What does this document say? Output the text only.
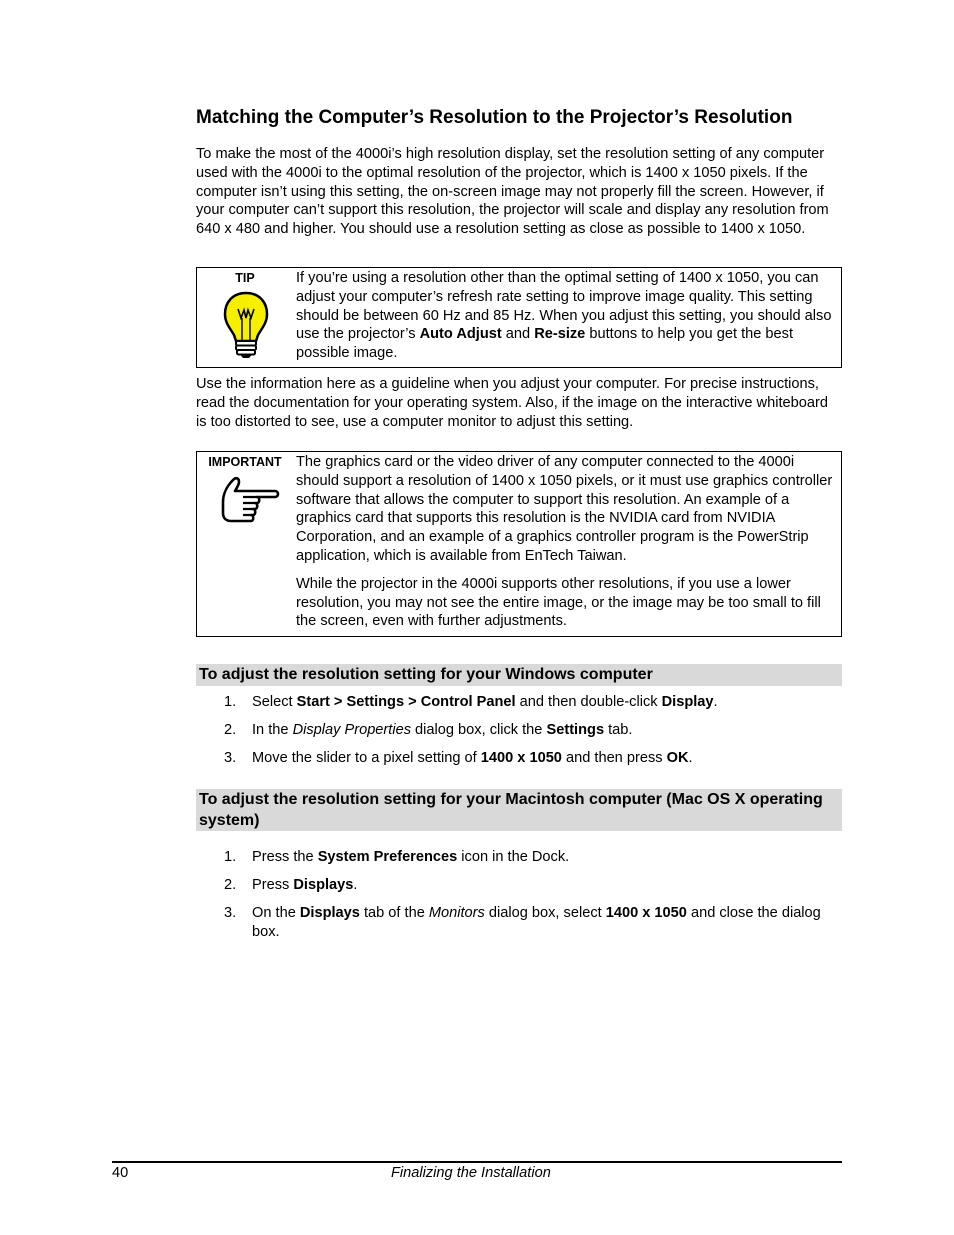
Matching the Computer’s Resolution to the Projector’s Resolution

To make the most of the 4000i’s high resolution display, set the resolution setting of any computer used with the 4000i to the optimal resolution of the projector, which is 1400 x 1050 pixels. If the computer isn’t using this setting, the on-screen image may not properly fill the screen. However, if your computer can’t support this resolution, the projector will scale and display any resolution from 640 x 480 and higher. You should use a resolution setting as close as possible to 1400 x 1050.

TIP	If you’re using a resolution other than the optimal setting of 1400 x 1050, you can adjust your computer’s refresh rate setting to improve image quality. This setting should be between 60 Hz and 85 Hz. When you adjust this setting, you should also use the projector’s Auto Adjust and Re-size buttons to help you get the best possible image.

Use the information here as a guideline when you adjust your computer. For precise instructions, read the documentation for your operating system. Also, if the image on the interactive whiteboard is too distorted to see, use a computer monitor to adjust this setting.

IMPORTANT The graphics card or the video driver of any computer connected to the 4000i should support a resolution of 1400 x 1050 pixels, or it must use graphics controller software that allows the computer to support this resolution. An example of a graphics card that supports this resolution is the NVIDIA card from NVIDIA Corporation, and an example of a graphics controller program is the PowerStrip application, which is available from EnTech Taiwan.

While the projector in the 4000i supports other resolutions, if you use a lower resolution, you may not see the entire image, or the image may be too small to fill the screen, even with further adjustments.

To adjust the resolution setting for your Windows computer
1. Select Start > Settings > Control Panel and then double-click Display.
2. In the Display Properties dialog box, click the Settings tab.
3. Move the slider to a pixel setting of 1400 x 1050 and then press OK.
To adjust the resolution setting for your Macintosh computer (Mac OS X operating system)
1. Press the System Preferences icon in the Dock.
2. Press Displays.
3. On the Displays tab of the Monitors dialog box, select 1400 x 1050 and close the dialog box.
40	Finalizing the Installation
